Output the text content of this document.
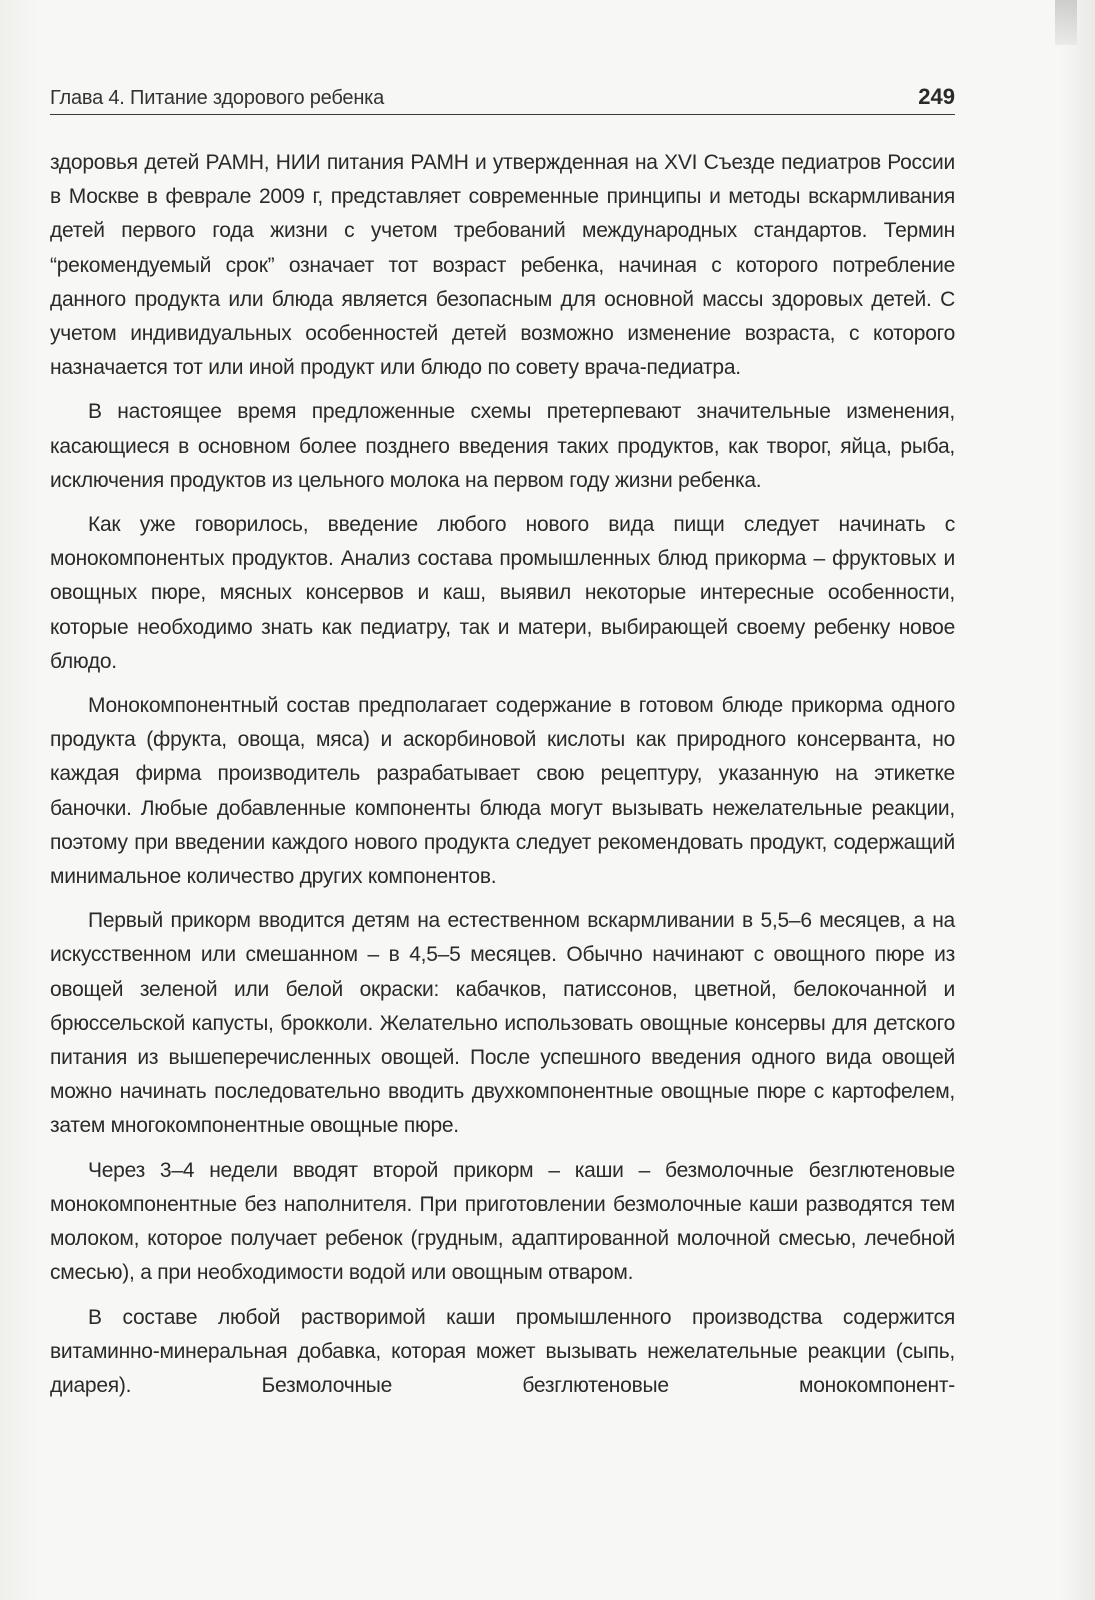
Глава 4. Питание здорового ребенка	249

здоровья детей РАМН, НИИ питания РАМН и утвержденная на XVI Съезде педиатров России в Москве в феврале 2009 г, представляет современные принципы и методы вскармливания детей первого года жизни с учетом требований международных стандартов. Термин “рекомендуемый срок” означает тот возраст ребенка, начиная с которого потребление данного продукта или блюда является безопасным для основной массы здоровых детей. С учетом индивидуальных особенностей детей возможно изменение возраста, с которого назначается тот или иной продукт или блюдо по совету врача-педиатра.

В настоящее время предложенные схемы претерпевают значительные изменения, касающиеся в основном более позднего введения таких продуктов, как творог, яйца, рыба, исключения продуктов из цельного молока на первом году жизни ребенка.

Как уже говорилось, введение любого нового вида пищи следует начинать с монокомпонентых продуктов. Анализ состава промышленных блюд прикорма – фруктовых и овощных пюре, мясных консервов и каш, выявил некоторые интересные особенности, которые необходимо знать как педиатру, так и матери, выбирающей своему ребенку новое блюдо.

Монокомпонентный состав предполагает содержание в готовом блюде прикорма одного продукта (фрукта, овоща, мяса) и аскорбиновой кислоты как природного консерванта, но каждая фирма производитель разрабатывает свою рецептуру, указанную на этикетке баночки. Любые добавленные компоненты блюда могут вызывать нежелательные реакции, поэтому при введении каждого нового продукта следует рекомендовать продукт, содержащий минимальное количество других компонентов.

Первый прикорм вводится детям на естественном вскармливании в 5,5–6 месяцев, а на искусственном или смешанном – в 4,5–5 месяцев. Обычно начинают с овощного пюре из овощей зеленой или белой окраски: кабачков, патиссонов, цветной, белокочанной и брюссельской капусты, брокколи. Желательно использовать овощные консервы для детского питания из вышеперечисленных овощей. После успешного введения одного вида овощей можно начинать последовательно вводить двухкомпонентные овощные пюре с картофелем, затем многокомпонентные овощные пюре.

Через 3–4 недели вводят второй прикорм – каши – безмолочные безглютеновые монокомпонентные без наполнителя. При приготовлении безмолочные каши разводятся тем молоком, которое получает ребенок (грудным, адаптированной молочной смесью, лечебной смесью), а при необходимости водой или овощным отваром.

В составе любой растворимой каши промышленного производства содержится витаминно-минеральная добавка, которая может вызывать нежелательные реакции (сыпь, диарея). Безмолочные безглютеновые монокомпонент-
